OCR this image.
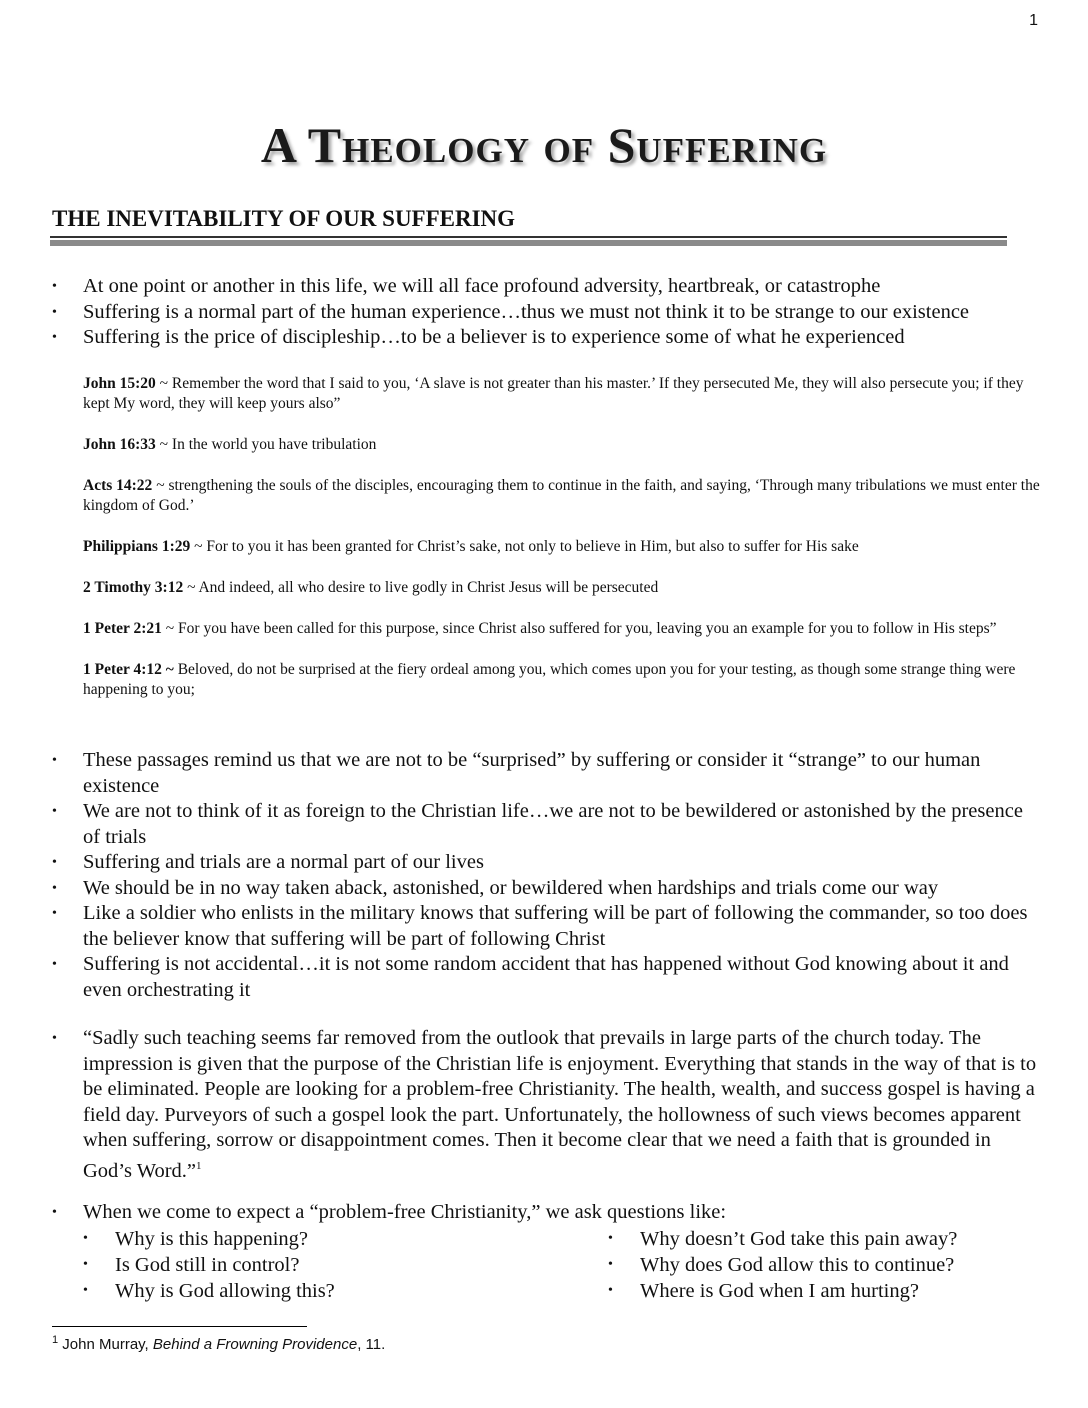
1
A Theology of Suffering
THE INEVITABILITY OF OUR SUFFERING
• At one point or another in this life, we will all face profound adversity, heartbreak, or catastrophe
• Suffering is a normal part of the human experience…thus we must not think it to be strange to our existence
• Suffering is the price of discipleship…to be a believer is to experience some of what he experienced

John 15:20 ~ Remember the word that I said to you, ‘A slave is not greater than his master.’ If they persecuted Me, they will also persecute you; if they kept My word, they will keep yours also”

John 16:33 ~ In the world you have tribulation

Acts 14:22 ~ strengthening the souls of the disciples, encouraging them to continue in the faith, and saying, ‘Through many tribulations we must enter the kingdom of God.’

Philippians 1:29 ~ For to you it has been granted for Christ’s sake, not only to believe in Him, but also to suffer for His sake

2 Timothy 3:12 ~ And indeed, all who desire to live godly in Christ Jesus will be persecuted

1 Peter 2:21 ~ For you have been called for this purpose, since Christ also suffered for you, leaving you an example for you to follow in His steps”

1 Peter 4:12 ~ Beloved, do not be surprised at the fiery ordeal among you, which comes upon you for your testing, as though some strange thing were happening to you;

• These passages remind us that we are not to be “surprised” by suffering or consider it “strange” to our human existence
• We are not to think of it as foreign to the Christian life…we are not to be bewildered or astonished by the presence of trials
• Suffering and trials are a normal part of our lives
• We should be in no way taken aback, astonished, or bewildered when hardships and trials come our way
• Like a soldier who enlists in the military knows that suffering will be part of following the commander, so too does the believer know that suffering will be part of following Christ
• Suffering is not accidental…it is not some random accident that has happened without God knowing about it and even orchestrating it
• “Sadly such teaching seems far removed from the outlook that prevails in large parts of the church today. The impression is given that the purpose of the Christian life is enjoyment. Everything that stands in the way of that is to be eliminated. People are looking for a problem-free Christianity. The health, wealth, and success gospel is having a field day. Purveyors of such a gospel look the part. Unfortunately, the hollowness of such views becomes apparent when suffering, sorrow or disappointment comes. Then it become clear that we need a faith that is grounded in God’s Word.”$^1$
• When we come to expect a “problem-free Christianity,” we ask questions like:
• Why is this happening?
• Is God still in control?
• Why is God allowing this?
• Why doesn’t God take this pain away?
• Why does God allow this to continue?
• Where is God when I am hurting?
$^1$ John Murray, Behind a Frowning Providence, 11.
